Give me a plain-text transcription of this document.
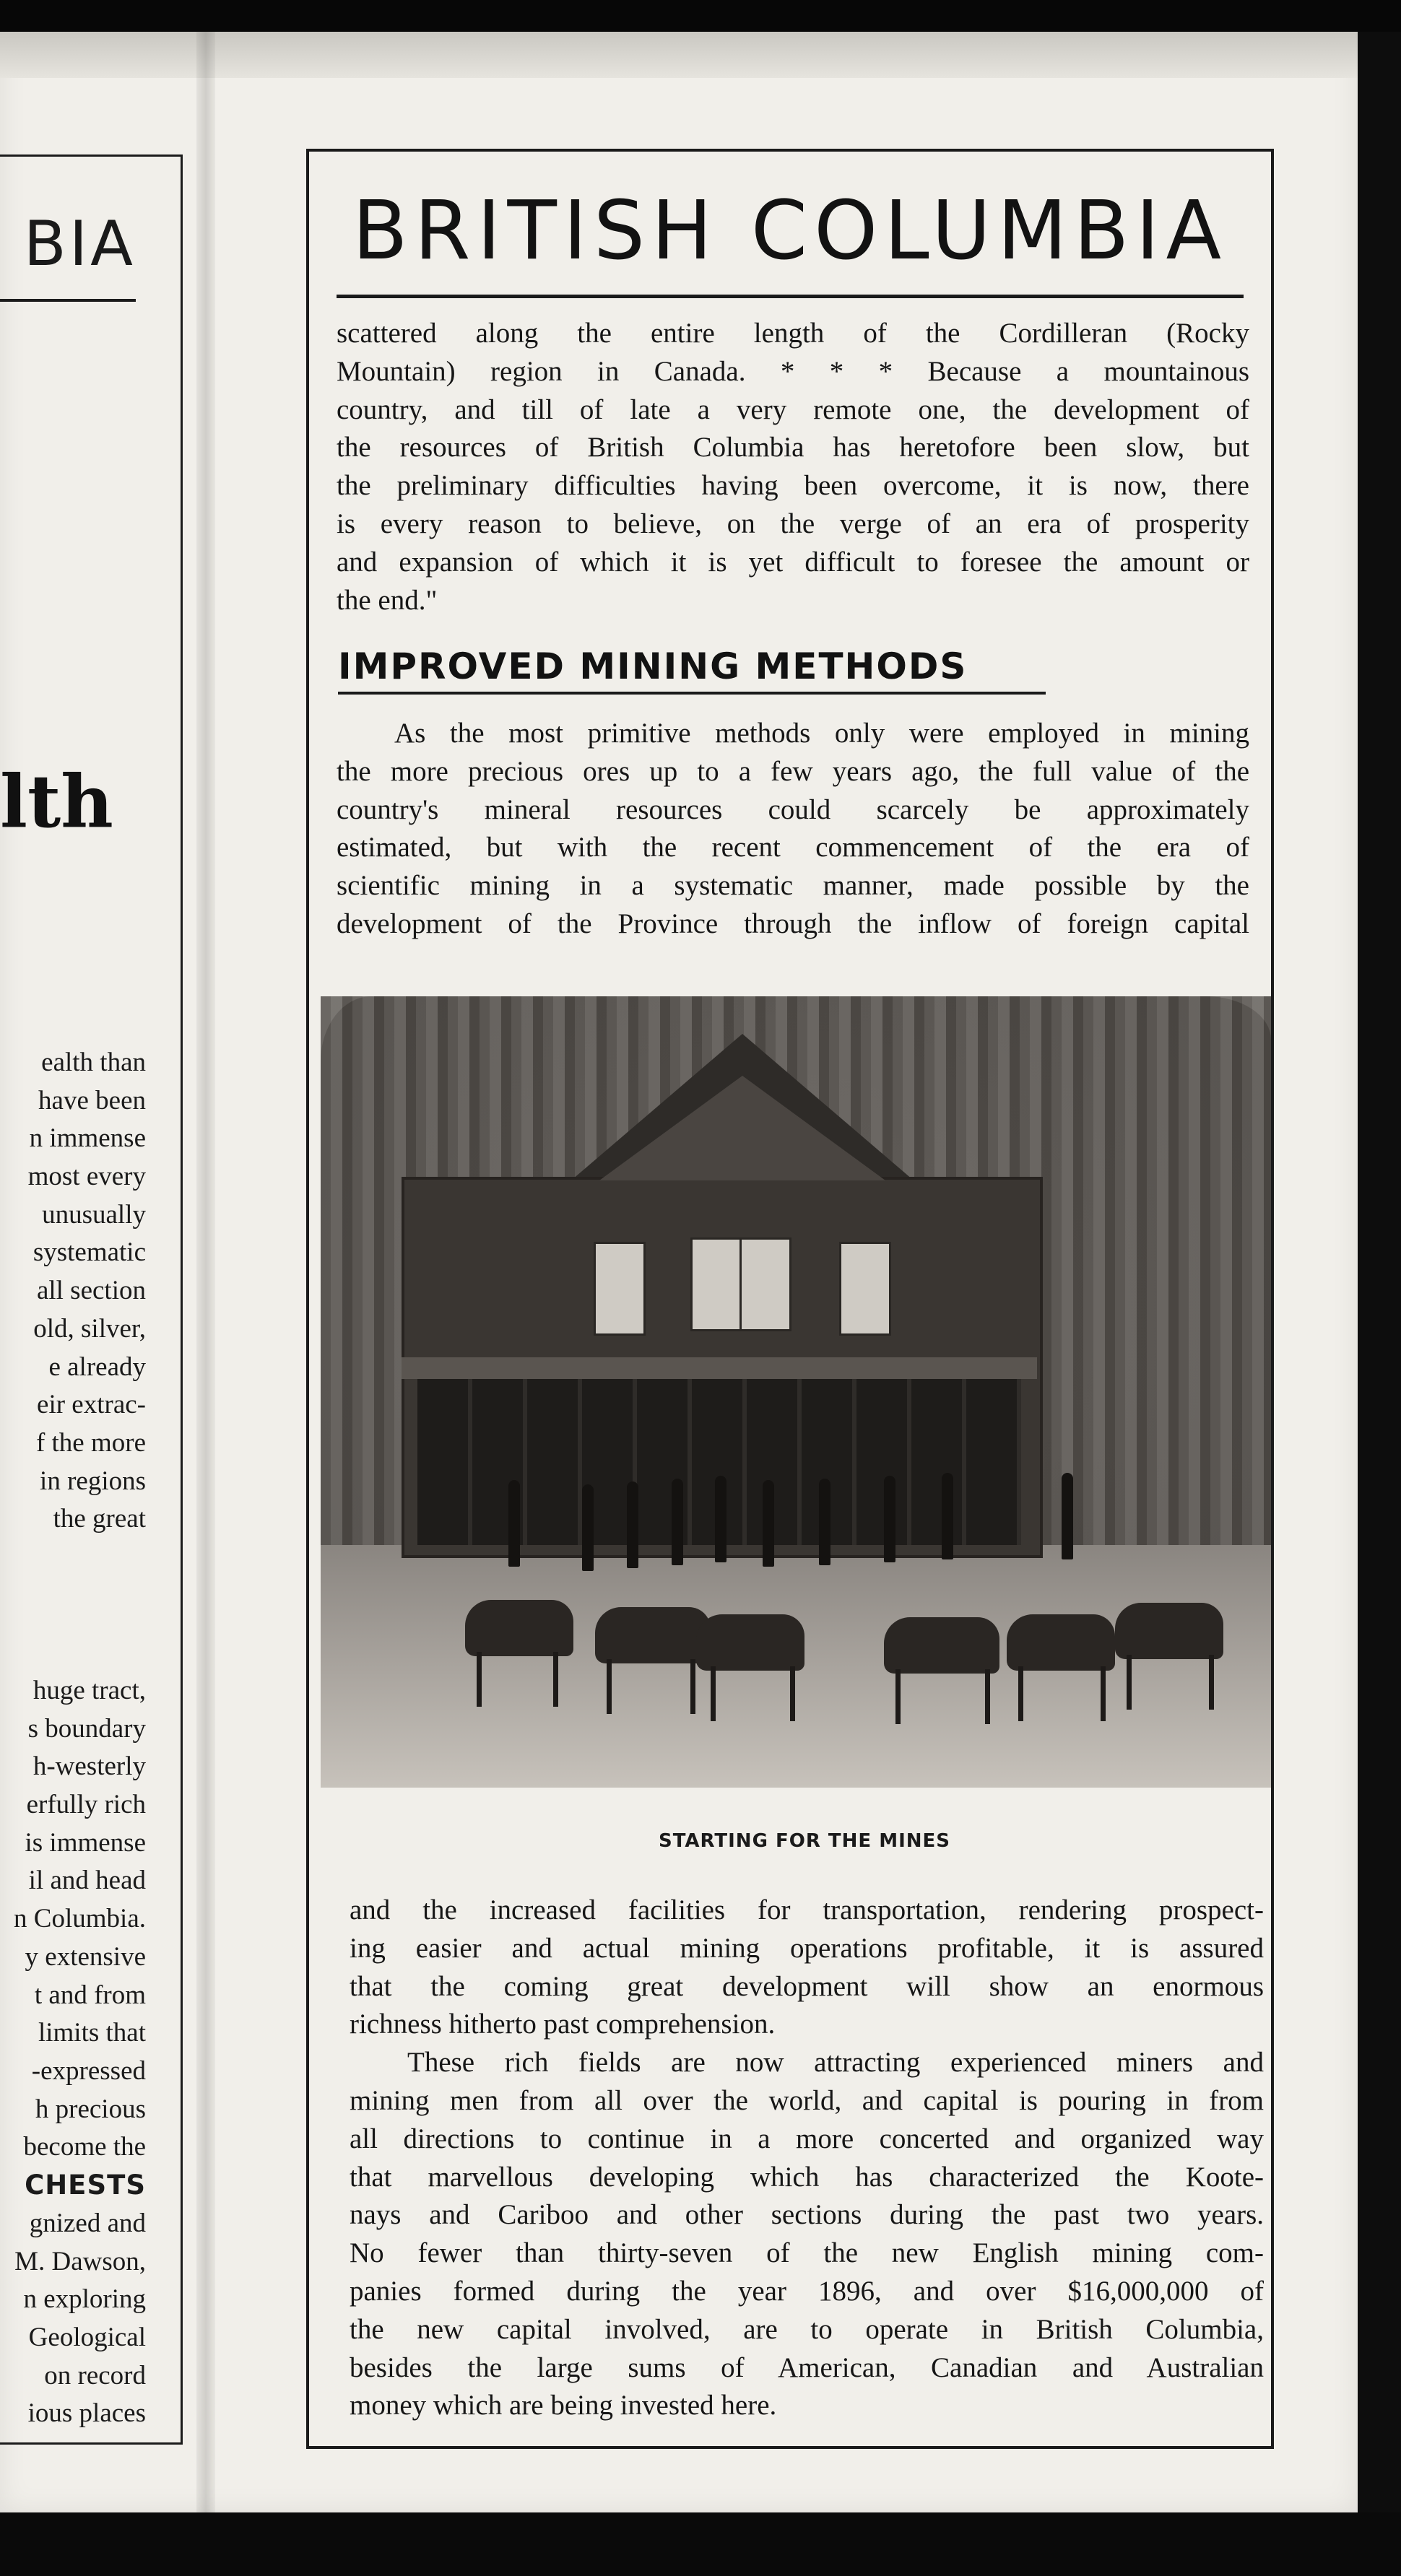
BIA
lth
ealth than
have been
n immense
most every
unusually
systematic
all section
old, silver,
e already
eir extrac-
f the more
in regions
the great
huge tract,
s boundary
h-westerly
erfully rich
is immense
il and head
n Columbia.
y extensive
t and from
limits that
-expressed
h precious
become the
CHESTS
gnized and
M. Dawson,
n exploring
Geological
on record
ious places
BRITISH COLUMBIA
scattered along the entire length of the Cordilleran (Rocky
Mountain) region in Canada. * * * Because a mountainous
country, and till of late a very remote one, the development of
the resources of British Columbia has heretofore been slow, but
the preliminary difficulties having been overcome, it is now, there
is every reason to believe, on the verge of an era of prosperity
and expansion of which it is yet difficult to foresee the amount or
the end."
IMPROVED MINING METHODS
As the most primitive methods only were employed in mining
the more precious ores up to a few years ago, the full value of the
country's mineral resources could scarcely be approximately
estimated, but with the recent commencement of the era of
scientific mining in a systematic manner, made possible by the
development of the Province through the inflow of foreign capital
STARTING FOR THE MINES
and the increased facilities for transportation, rendering prospect-
ing easier and actual mining operations profitable, it is assured
that the coming great development will show an enormous
richness hitherto past comprehension.
These rich fields are now attracting experienced miners and
mining men from all over the world, and capital is pouring in from
all directions to continue in a more concerted and organized way
that marvellous developing which has characterized the Koote-
nays and Cariboo and other sections during the past two years.
No fewer than thirty-seven of the new English mining com-
panies formed during the year 1896, and over $16,000,000 of
the new capital involved, are to operate in British Columbia,
besides the large sums of American, Canadian and Australian
money which are being invested here.
